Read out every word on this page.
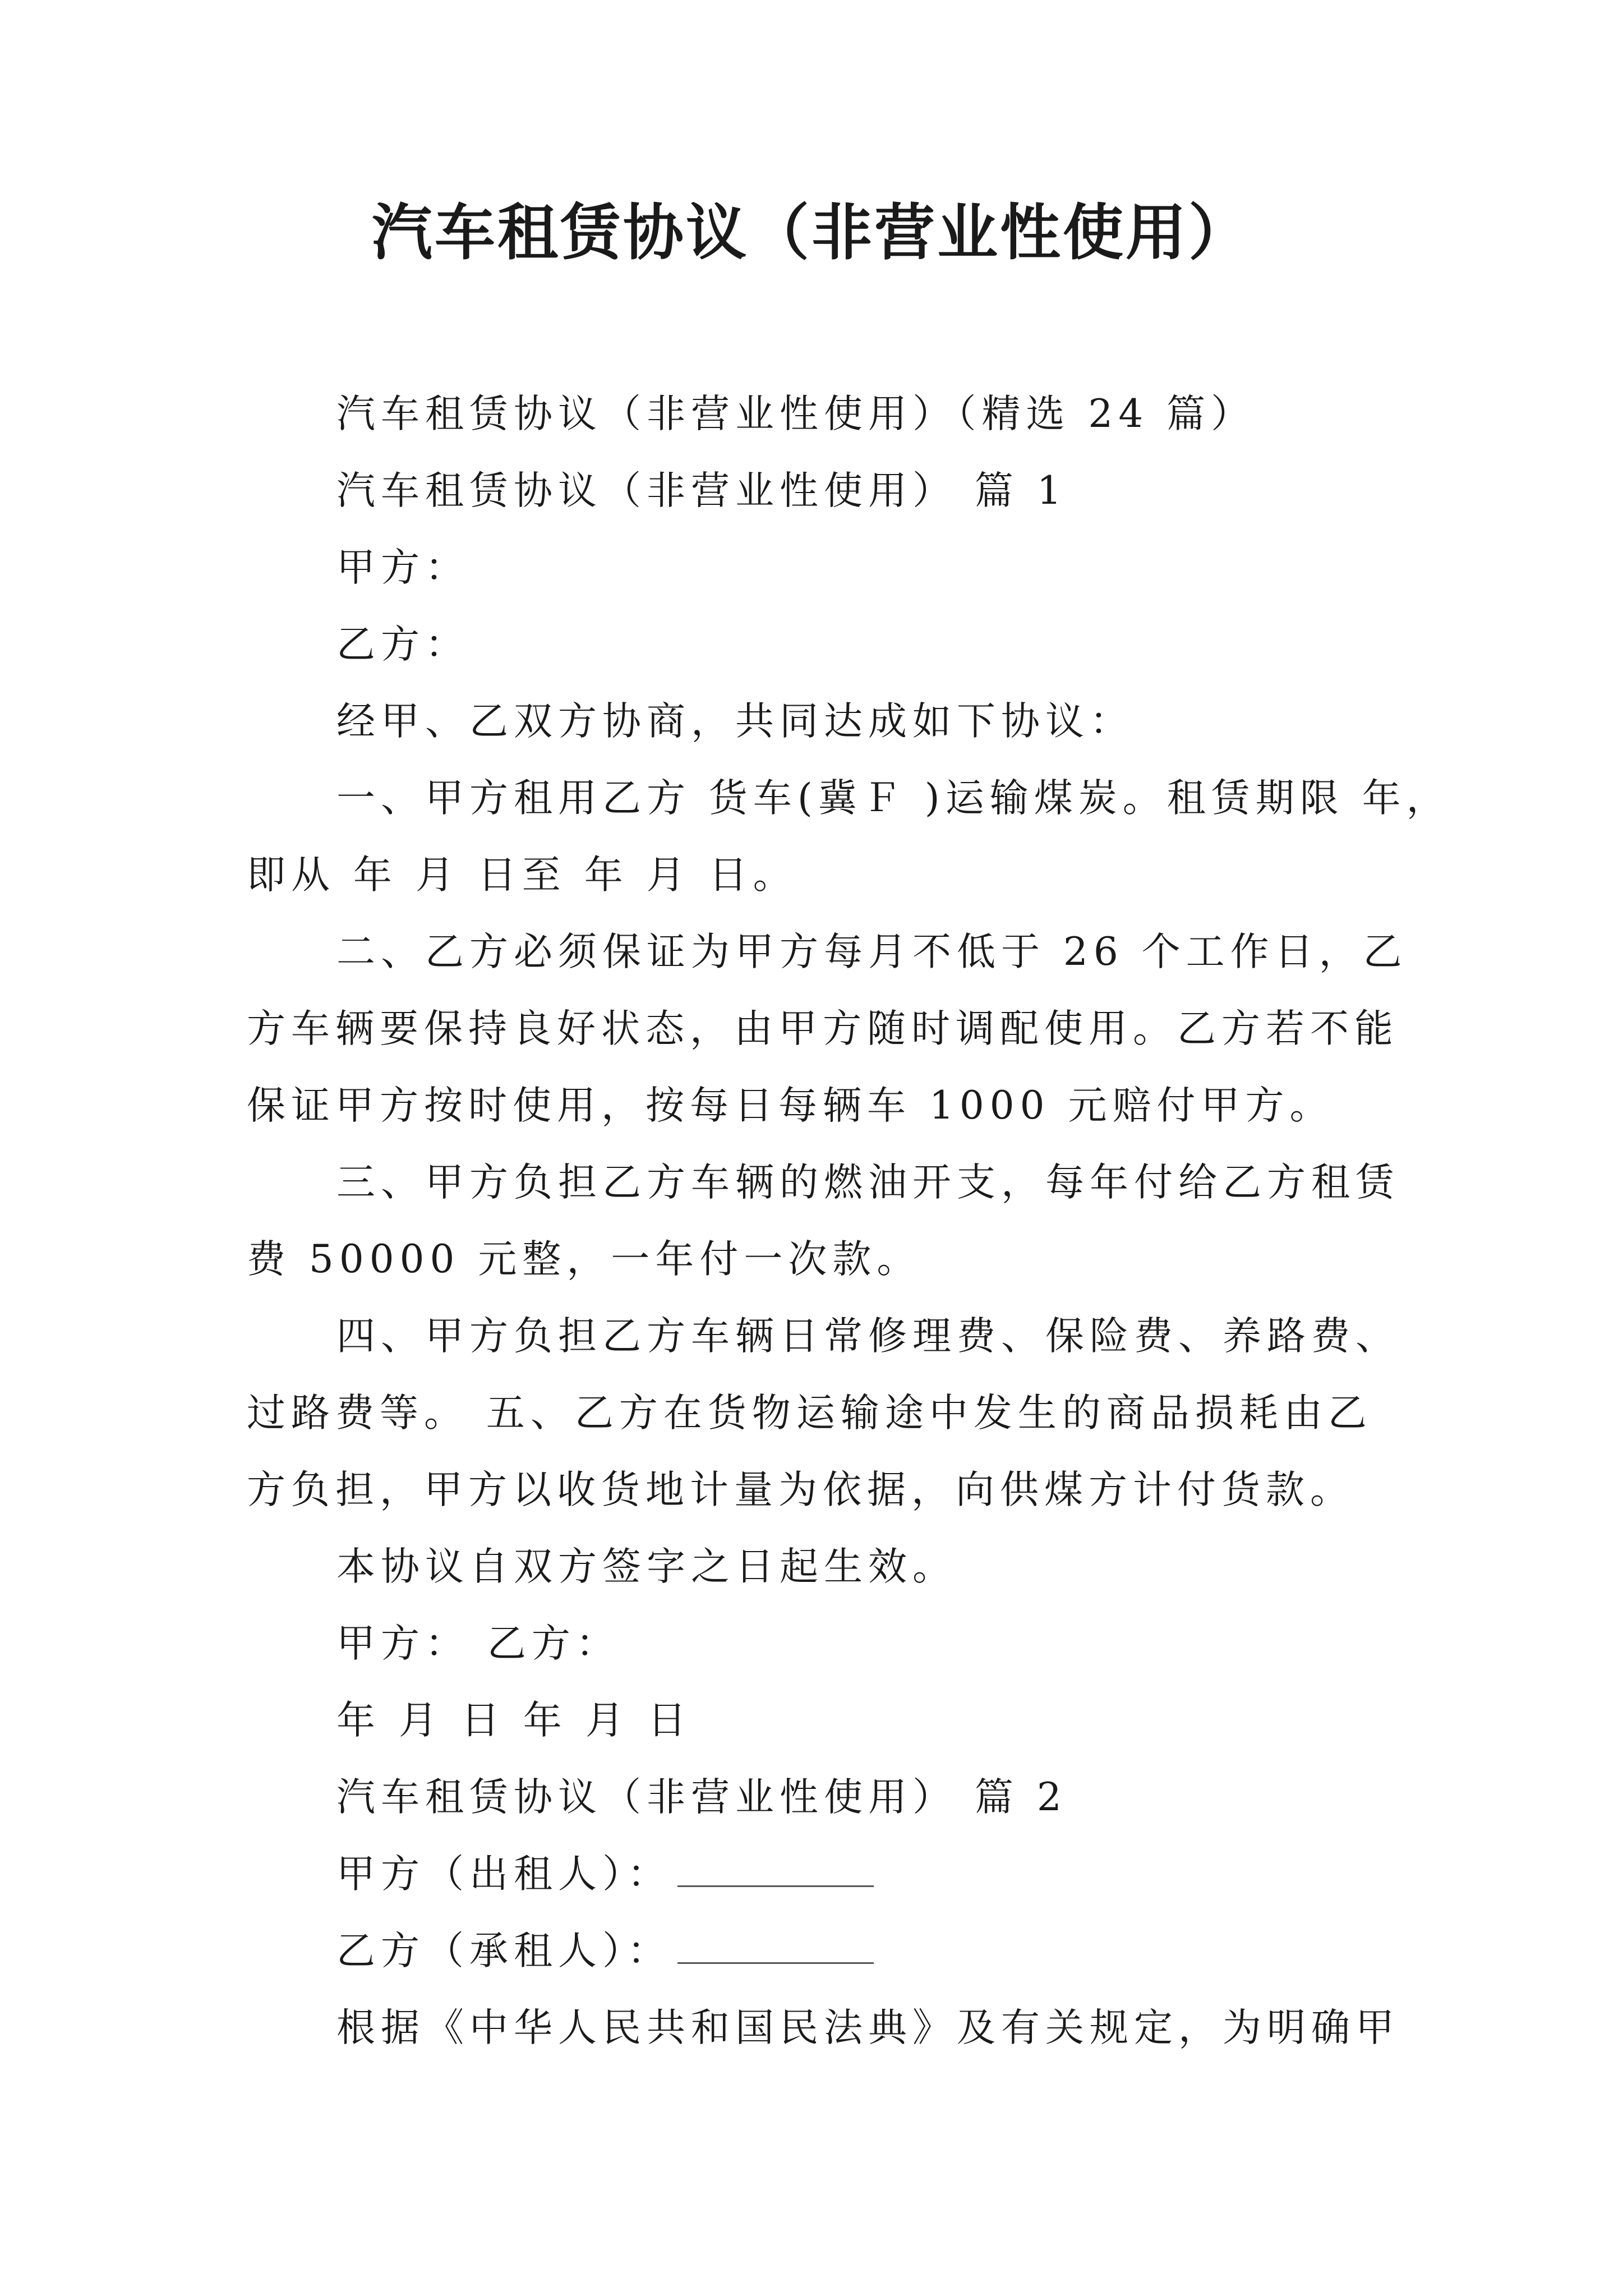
汽车租赁协议（非营业性使用）
汽车租赁协议（非营业性使用）（精选 24 篇）
汽车租赁协议（非营业性使用） 篇 1
甲方：
乙方：
经甲、乙双方协商，共同达成如下协议：
一、甲方租用乙方 货车(冀Ｆ )运输煤炭。租赁期限 年，
即从 年 月 日至 年 月 日。
二、乙方必须保证为甲方每月不低于 26 个工作日，乙
方车辆要保持良好状态，由甲方随时调配使用。乙方若不能
保证甲方按时使用，按每日每辆车 1000 元赔付甲方。
三、甲方负担乙方车辆的燃油开支，每年付给乙方租赁
费 50000 元整，一年付一次款。
四、甲方负担乙方车辆日常修理费、保险费、养路费、
过路费等。 五、乙方在货物运输途中发生的商品损耗由乙
方负担，甲方以收货地计量为依据，向供煤方计付货款。
本协议自双方签字之日起生效。
甲方： 乙方：
年 月 日 年 月 日
汽车租赁协议（非营业性使用） 篇 2
甲方（出租人）：
乙方（承租人）：
根据《中华人民共和国民法典》及有关规定，为明确甲
